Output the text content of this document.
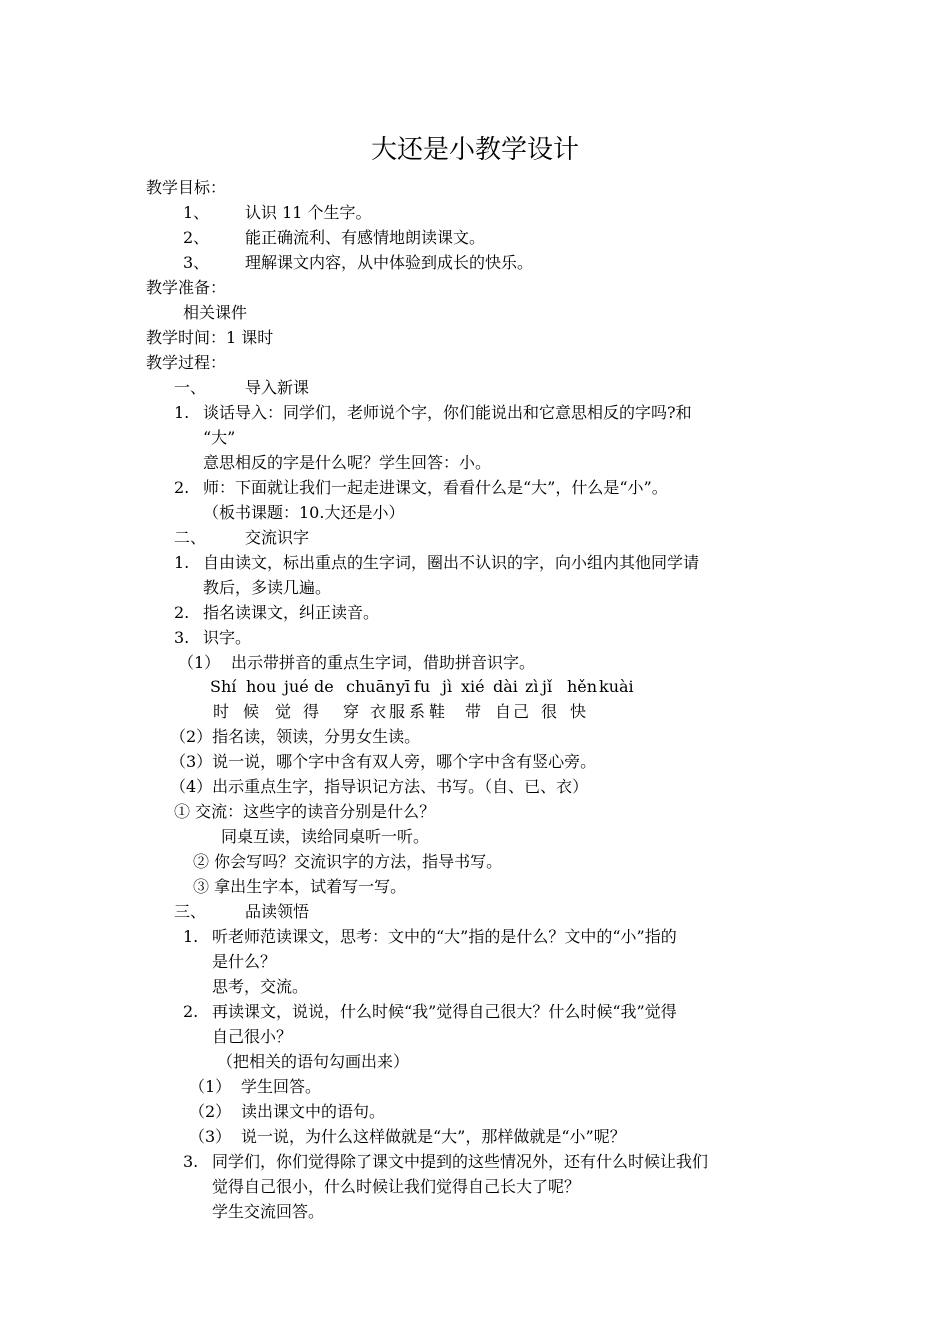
大还是小教学设计
教学目标：
1、 认识 11 个生字。
2、 能正确流利、有感情地朗读课文。
3、 理解课文内容，从中体验到成长的快乐。
教学准备：
相关课件
教学时间：1 课时
教学过程：
一、 导入新课
1. 谈话导入：同学们，老师说个字，你们能说出和它意思相反的字吗?和
“大”
意思相反的字是什么呢？学生回答：小。
2. 师：下面就让我们一起走进课文，看看什么是“大”，什么是“小”。
（板书课题：10.大还是小）
二、 交流识字
1. 自由读文，标出重点的生字词，圈出不认识的字，向小组内其他同学请
教后，多读几遍。
2. 指名读课文，纠正读音。
3. 识字。
（1） 出示带拼音的重点生字词，借助拼音识字。
Shí hou jué de chuān yī fu jì xié dài zì jǐ hěn kuài
时 候 觉 得 穿 衣 服 系 鞋 带 自 己 很 快
（2）指名读，领读，分男女生读。
（3）说一说，哪个字中含有双人旁，哪个字中含有竖心旁。
（4）出示重点生字，指导识记方法、书写。（自、已、衣）
① 交流：这些字的读音分别是什么？
同桌互读，读给同桌听一听。
② 你会写吗？交流识字的方法，指导书写。
③ 拿出生字本，试着写一写。
三、 品读领悟
1. 听老师范读课文，思考：文中的“大”指的是什么？文中的“小”指的
是什么？
思考，交流。
2. 再读课文，说说，什么时候“我”觉得自己很大？什么时候“我”觉得
自己很小？
（把相关的语句勾画出来）
（1） 学生回答。
（2） 读出课文中的语句。
（3） 说一说，为什么这样做就是“大”，那样做就是“小”呢？
3. 同学们，你们觉得除了课文中提到的这些情况外，还有什么时候让我们
觉得自己很小，什么时候让我们觉得自己长大了呢？
学生交流回答。
